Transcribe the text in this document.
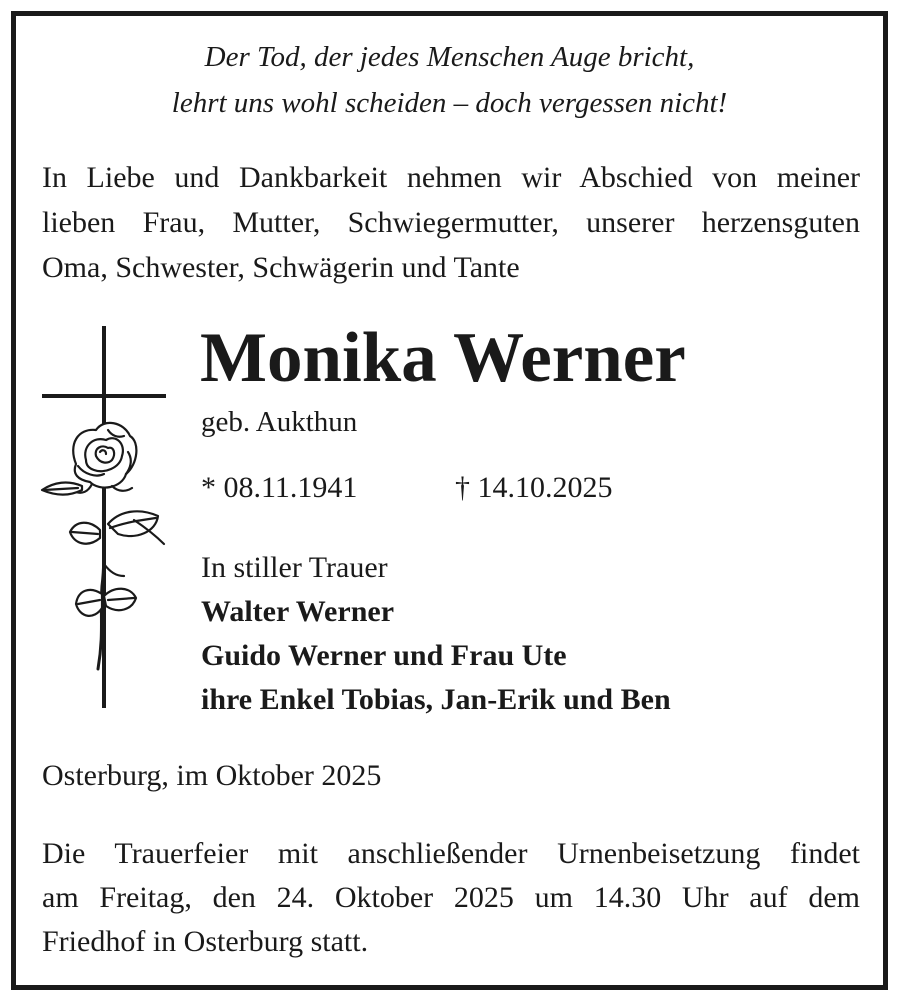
Der Tod, der jedes Menschen Auge bricht,
lehrt uns wohl scheiden – doch vergessen nicht!
In Liebe und Dankbarkeit nehmen wir Abschied von meiner
lieben Frau, Mutter, Schwiegermutter, unserer herzensguten
Oma, Schwester, Schwägerin und Tante
Monika Werner
geb. Aukthun
* 08.11.1941	† 14.10.2025
In stiller Trauer
Walter Werner
Guido Werner und Frau Ute
ihre Enkel Tobias, Jan-Erik und Ben
Osterburg, im Oktober 2025
Die Trauerfeier mit anschließender Urnenbeisetzung findet
am Freitag, den 24. Oktober 2025 um 14.30 Uhr auf dem
Friedhof in Osterburg statt.
